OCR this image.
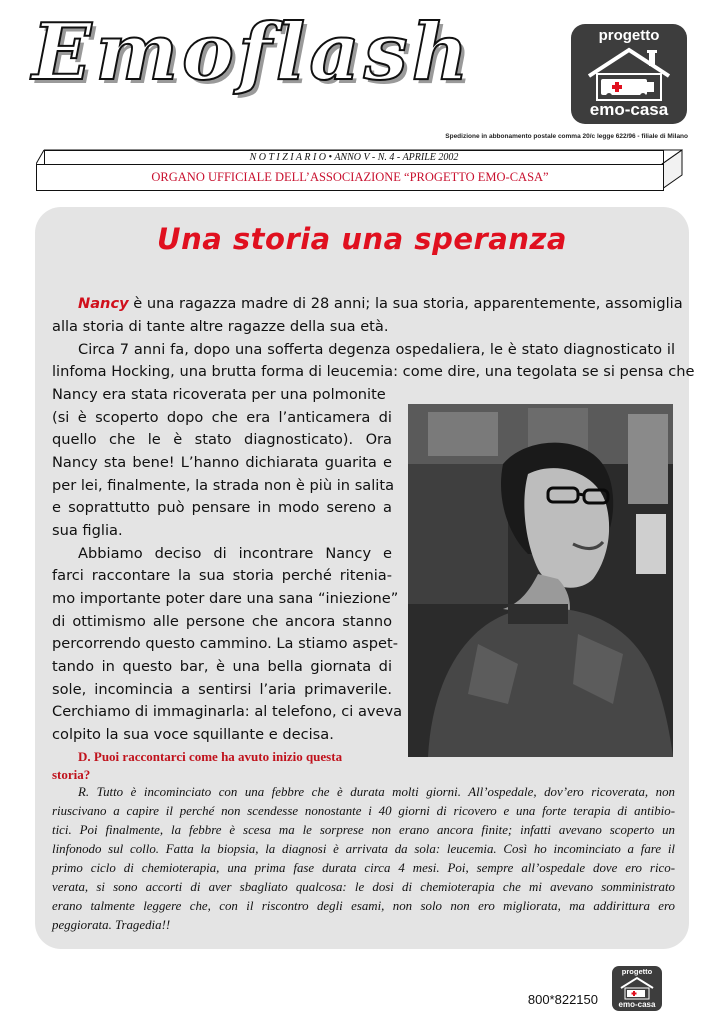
Emoflash	progetto
emo-casa
Spedizione in abbonamento postale comma 20/c legge 622/96 - filiale di Milano
N O T I Z I A R I O • ANNO V - N. 4 - APRILE 2002
ORGANO UFFICIALE DELL’ASSOCIAZIONE “PROGETTO EMO-CASA”
Una storia una speranza
Nancy è una ragazza madre di 28 anni; la sua storia, apparentemente, assomiglia
alla storia di tante altre ragazze della sua età.
Circa 7 anni fa, dopo una sofferta degenza ospedaliera, le è stato diagnosticato il
linfoma Hocking, una brutta forma di leucemia: come dire, una tegolata se si pensa che
Nancy era stata ricoverata per una polmonite
(si è scoperto dopo che era l’anticamera di
quello che le è stato diagnosticato). Ora
Nancy sta bene! L’hanno dichiarata guarita e
per lei, finalmente, la strada non è più in salita
e soprattutto può pensare in modo sereno a
sua figlia.
Abbiamo deciso di incontrare Nancy e
farci raccontare la sua storia perché ritenia-
mo importante poter dare una sana “iniezione”
di ottimismo alle persone che ancora stanno
percorrendo questo cammino. La stiamo aspet-
tando in questo bar, è una bella giornata di
sole, incomincia a sentirsi l’aria primaverile.
Cerchiamo di immaginarla: al telefono, ci aveva
colpito la sua voce squillante e decisa.
D. Puoi raccontarci come ha avuto inizio questa
storia?
R. Tutto è incominciato con una febbre che è durata molti giorni. All’ospedale, dov’ero ricoverata, non
riuscivano a capire il perché non scendesse nonostante i 40 giorni di ricovero e una forte terapia di antibio-
tici. Poi finalmente, la febbre è scesa ma le sorprese non erano ancora finite; infatti avevano scoperto un
linfonodo sul collo. Fatta la biopsia, la diagnosi è arrivata da sola: leucemia. Così ho incominciato a fare il
primo ciclo di chemioterapia, una prima fase durata circa 4 mesi. Poi, sempre all’ospedale dove ero rico-
verata, si sono accorti di aver sbagliato qualcosa: le dosi di chemioterapia che mi avevano somministrato
erano talmente leggere che, con il riscontro degli esami, non solo non ero migliorata, ma addirittura ero
peggiorata. Tragedia!!
progetto
emo-casa
800*822150
